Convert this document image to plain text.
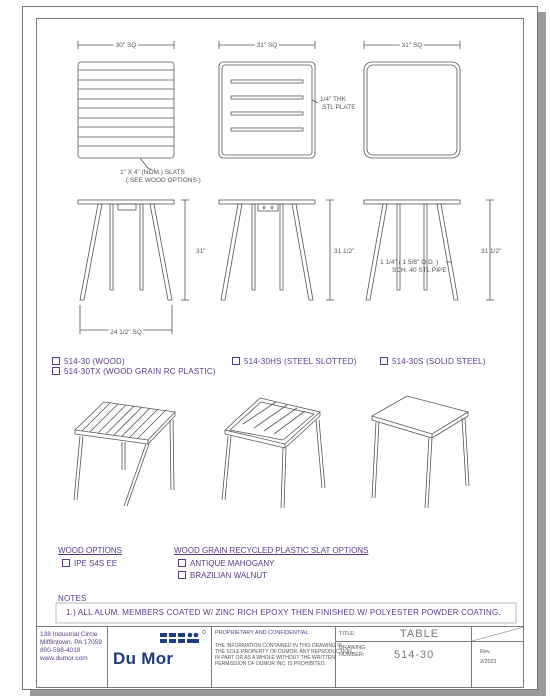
30" SQ	31" SQ	31" SQ
1/4" THK
STL PLATE
1" X 4" (NOM.) SLATS
( SEE WOOD OPTIONS )
31"	31 1/2"	31 1/2"
24 1/2" SQ
1 1/4" ( 1 5/8" O.D. )
SCH. 40 STL PIPE
514-30 (WOOD)
514-30TX (WOOD GRAIN RC PLASTIC)
514-30HS (STEEL SLOTTED)	514-30S (SOLID STEEL)
WOOD OPTIONS
IPE S4S EE
WOOD GRAIN RECYCLED PLASTIC SLAT OPTIONS
ANTIQUE MAHOGANY
BRAZILIAN WALNUT
NOTES
1.) ALL ALUM. MEMBERS COATED W/ ZINC RICH EPOXY THEN FINISHED W/ POLYESTER POWDER COATING.
138 Industrial Circle
Mifflintown, PA 17059
800-598-4018
www.dumor.com Du Mor
PROPRIETARY AND CONFIDENTIAL
THE INFORMATION CONTAINED IN THIS DRAWING IS
THE SOLE PROPERTY OF DUMOR. ANY REPRODUCTION
IN PART OR AS A WHOLE WITHOUT THE WRITTEN
PERMISSION OF DUMOR INC. IS PROHIBITED.
TITLE:	TABLE
DRAWING
NUMBER:	514-30	Rev.
2/2021
